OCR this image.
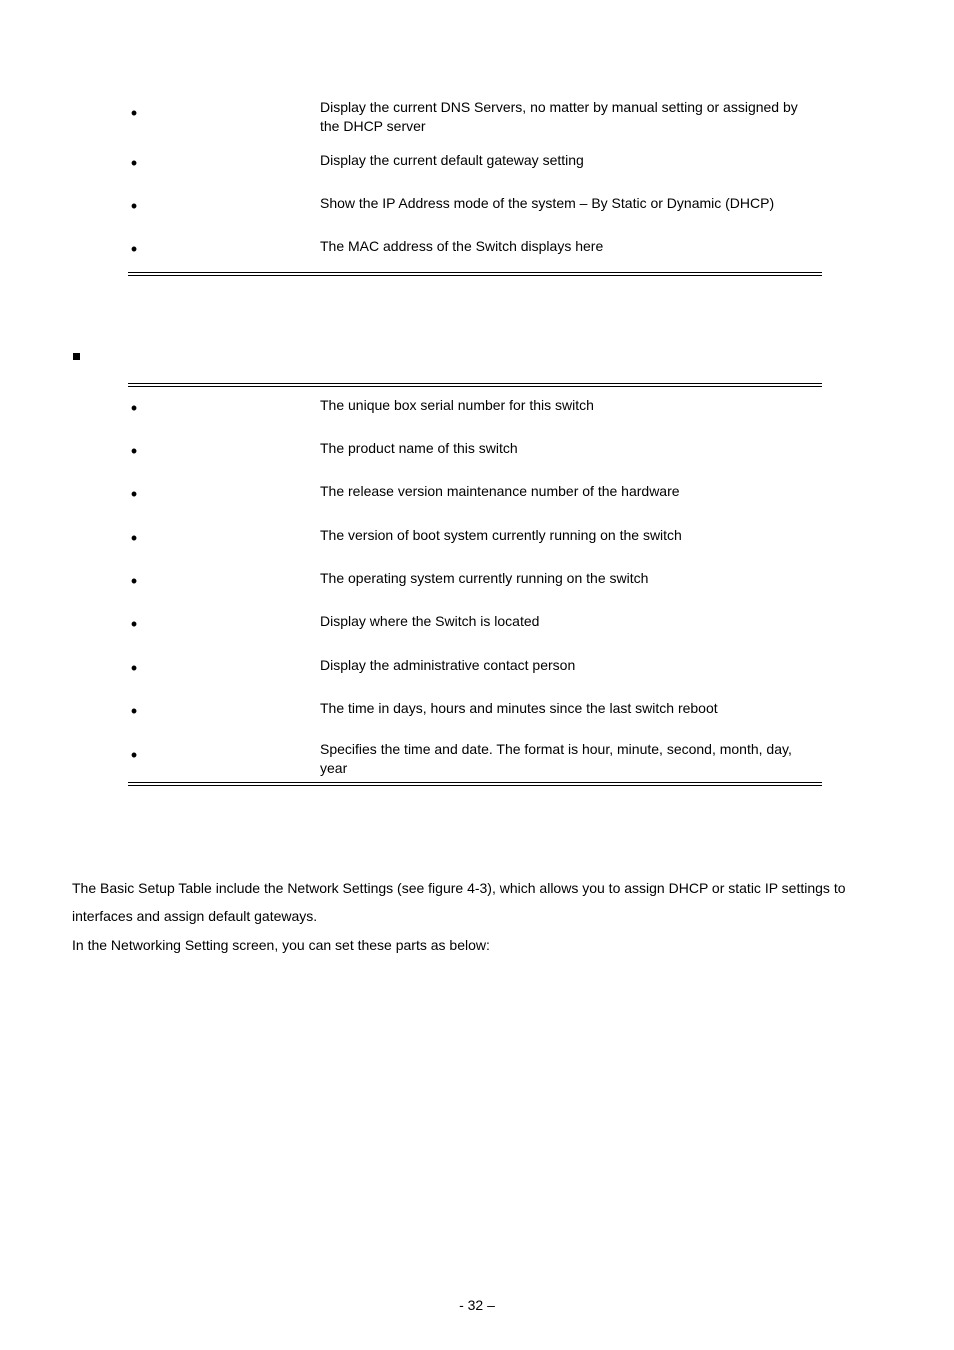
•	Display the current DNS Servers, no matter by manual setting or assigned by the DHCP server
•	Display the current default gateway setting
•	Show the IP Address mode of the system – By Static or Dynamic (DHCP)
•	The MAC address of the Switch displays here
•	The unique box serial number for this switch
•	The product name of this switch
•	The release version maintenance number of the hardware
•	The version of boot system currently running on the switch
•	The operating system currently running on the switch
•	Display where the Switch is located
•	Display the administrative contact person
•	The time in days, hours and minutes since the last switch reboot
•	Specifies the time and date. The format is hour, minute, second, month, day, year

The Basic Setup Table include the Network Settings (see figure 4-3), which allows you to assign DHCP or static IP settings to interfaces and assign default gateways.

In the Networking Setting screen, you can set these parts as below:

- 32 –
